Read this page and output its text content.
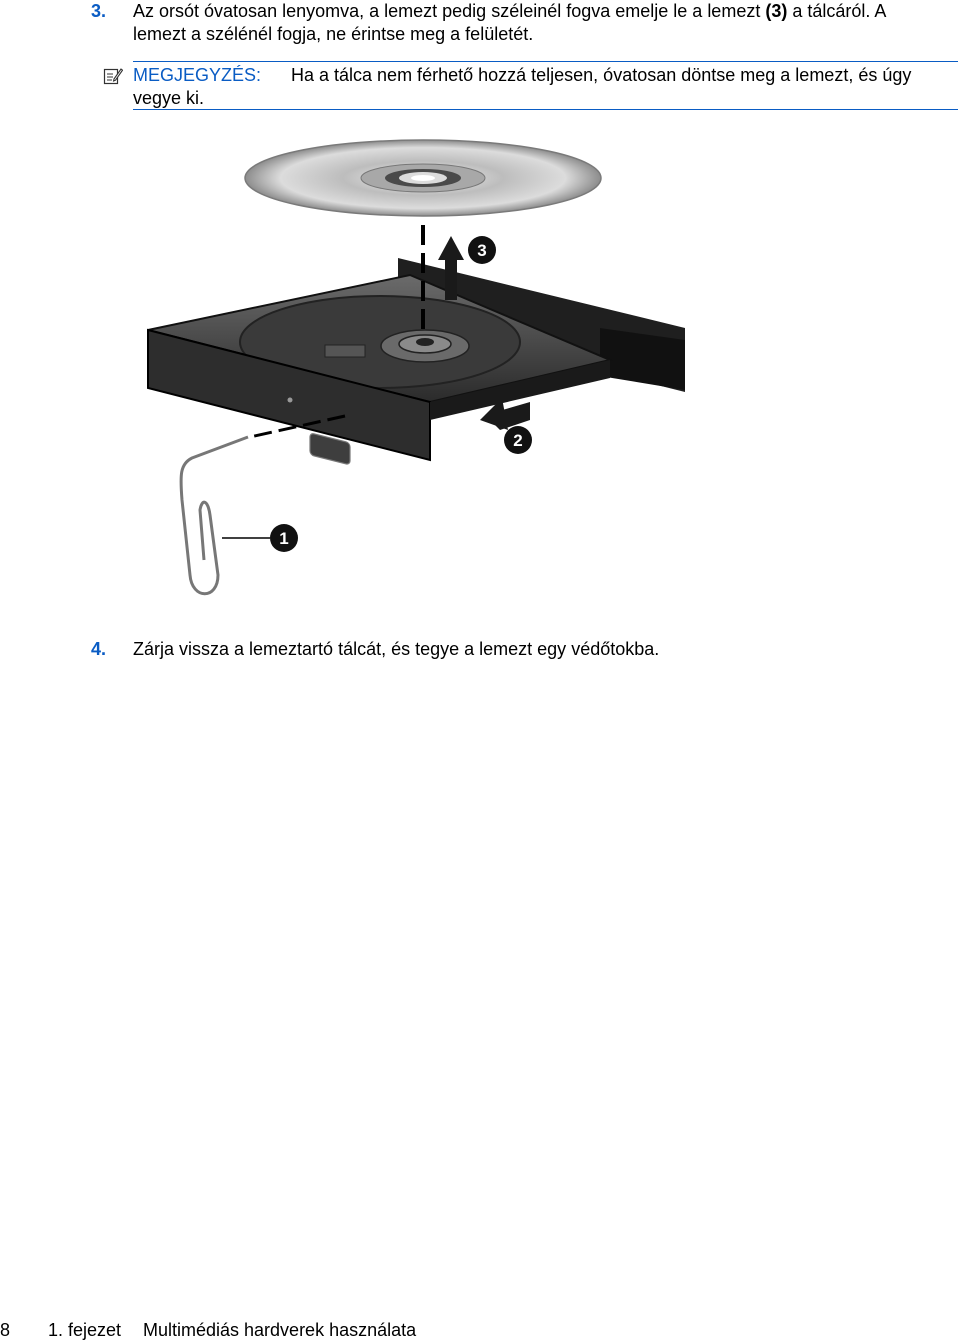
3. Az orsót óvatosan lenyomva, a lemezt pedig széleinél fogva emelje le a lemezt (3) a tálcáról. A
lemezt a szélénél fogja, ne érintse meg a felületét.
MEGJEGYZÉS: Ha a tálca nem férhető hozzá teljesen, óvatosan döntse meg a lemezt, és úgy
vegye ki.
3
2
1
4. Zárja vissza a lemeztartó tálcát, és tegye a lemezt egy védőtokba.
8 1. fejezet Multimédiás hardverek használata
